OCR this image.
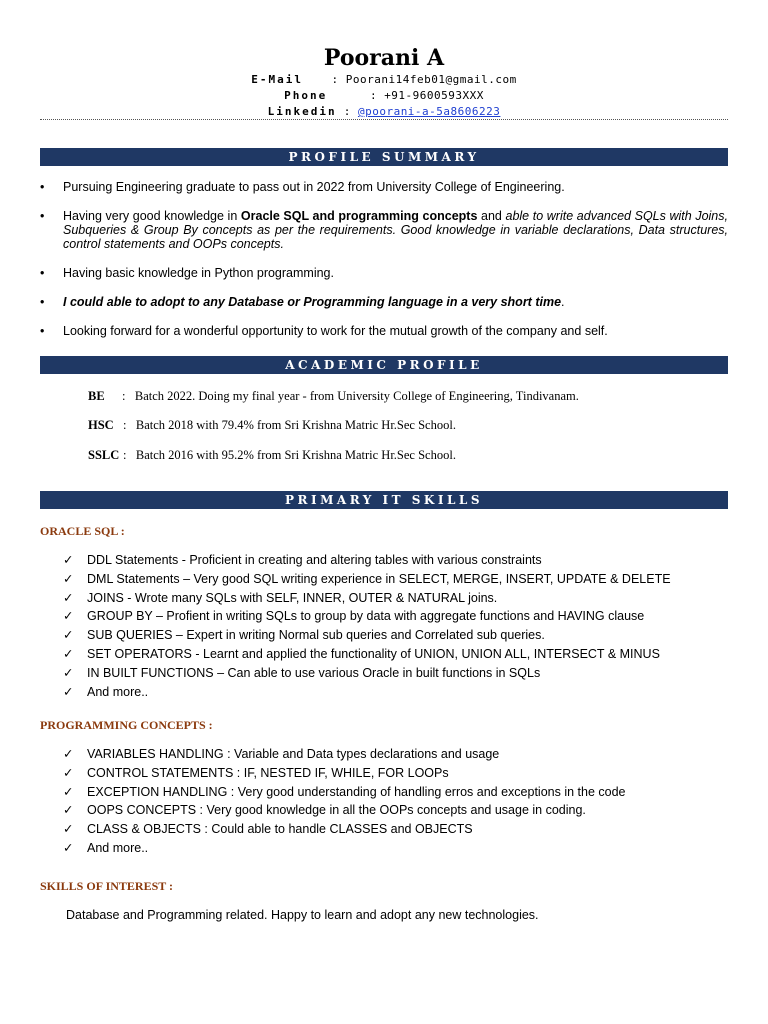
Poorani A
E-Mail    : Poorani14feb01@gmail.com
Phone      : +91-9600593XXX
Linkedin : @poorani-a-5a8606223
PROFILE SUMMARY
• Pursuing Engineering graduate to pass out in 2022 from University College of Engineering.
• Having very good knowledge in Oracle SQL and programming concepts and able to write advanced SQLs with Joins, Subqueries & Group By concepts as per the requirements. Good knowledge in variable declarations, Data structures, control statements and OOPs concepts.
• Having basic knowledge in Python programming.
• I could able to adopt to any Database or Programming language in a very short time.
• Looking forward for a wonderful opportunity to work for the mutual growth of the company and self.
ACADEMIC PROFILE
BE : Batch 2022. Doing my final year - from University College of Engineering, Tindivanam.
HSC : Batch 2018 with 79.4% from Sri Krishna Matric Hr.Sec School.
SSLC : Batch 2016 with 95.2% from Sri Krishna Matric Hr.Sec School.
PRIMARY IT SKILLS
ORACLE SQL :
✓ DDL Statements - Proficient in creating and altering tables with various constraints
✓ DML Statements – Very good SQL writing experience in SELECT, MERGE, INSERT, UPDATE & DELETE
✓ JOINS - Wrote many SQLs with SELF, INNER, OUTER & NATURAL joins.
✓ GROUP BY – Profient in writing SQLs to group by data with aggregate functions and HAVING clause
✓ SUB QUERIES – Expert in writing Normal sub queries and Correlated sub queries.
✓ SET OPERATORS - Learnt and applied the functionality of UNION, UNION ALL, INTERSECT & MINUS
✓ IN BUILT FUNCTIONS – Can able to use various Oracle in built functions in SQLs
✓ And more..
PROGRAMMING CONCEPTS :
✓ VARIABLES HANDLING : Variable and Data types declarations and usage
✓ CONTROL STATEMENTS : IF, NESTED IF, WHILE, FOR LOOPs
✓ EXCEPTION HANDLING : Very good understanding of handling erros and exceptions in the code
✓ OOPS CONCEPTS : Very good knowledge in all the OOPs concepts and usage in coding.
✓ CLASS & OBJECTS : Could able to handle CLASSES and OBJECTS
✓ And more..
SKILLS OF INTEREST :
Database and Programming related. Happy to learn and adopt any new technologies.
